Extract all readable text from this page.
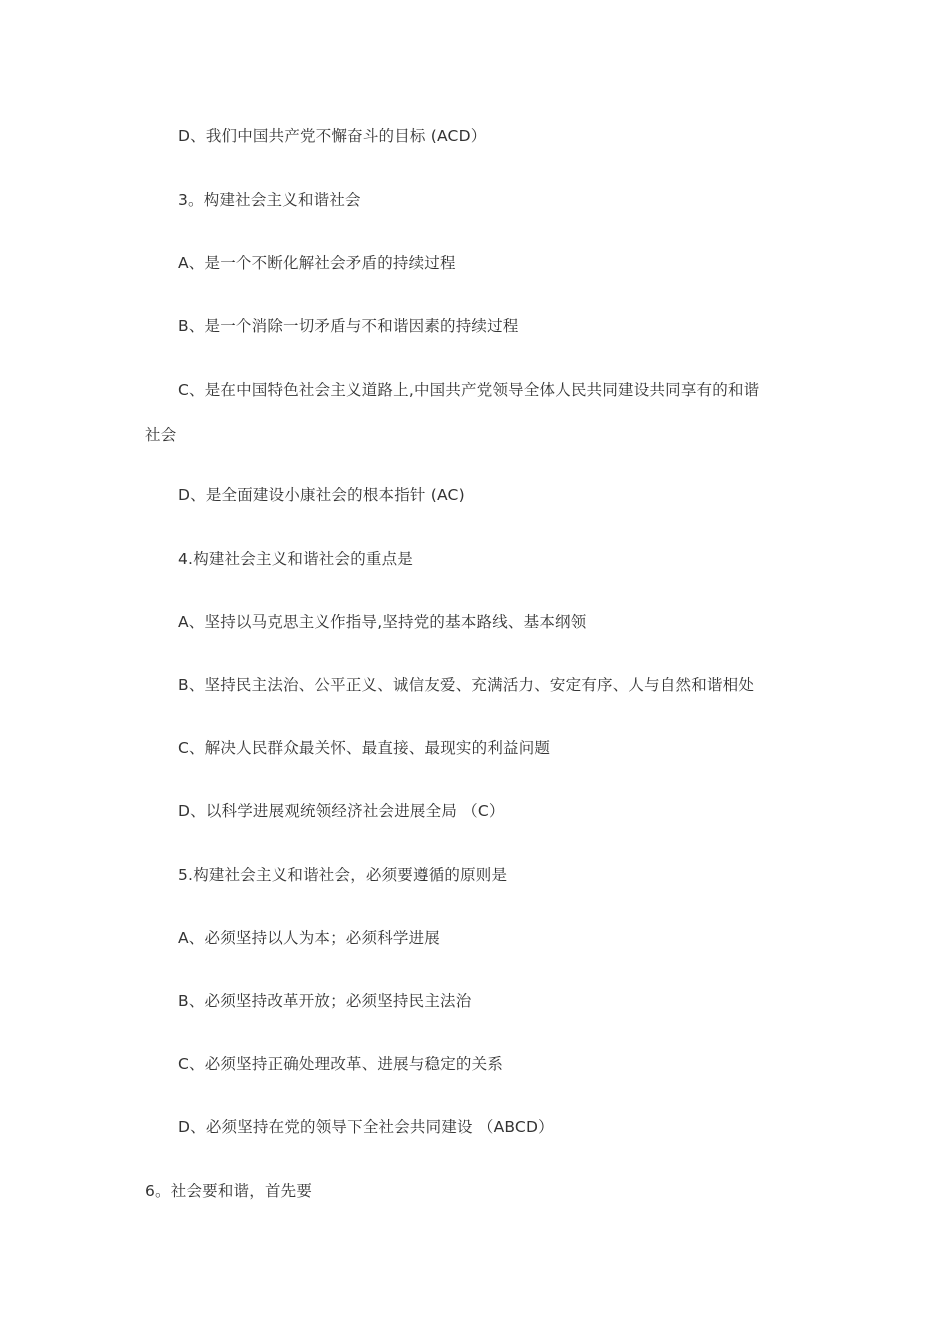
D、我们中国共产党不懈奋斗的目标 (ACD）
3。构建社会主义和谐社会
A、是一个不断化解社会矛盾的持续过程
B、是一个消除一切矛盾与不和谐因素的持续过程
C、是在中国特色社会主义道路上,中国共产党领导全体人民共同建设共同享有的和谐
社会
D、是全面建设小康社会的根本指针 (AC)
4.构建社会主义和谐社会的重点是
A、坚持以马克思主义作指导,坚持党的基本路线、基本纲领
B、坚持民主法治、公平正义、诚信友爱、充满活力、安定有序、人与自然和谐相处
C、解决人民群众最关怀、最直接、最现实的利益问题
D、以科学进展观统领经济社会进展全局 （C）
5.构建社会主义和谐社会，必须要遵循的原则是
A、必须坚持以人为本；必须科学进展
B、必须坚持改革开放；必须坚持民主法治
C、必须坚持正确处理改革、进展与稳定的关系
D、必须坚持在党的领导下全社会共同建设 （ABCD）
6。社会要和谐，首先要
